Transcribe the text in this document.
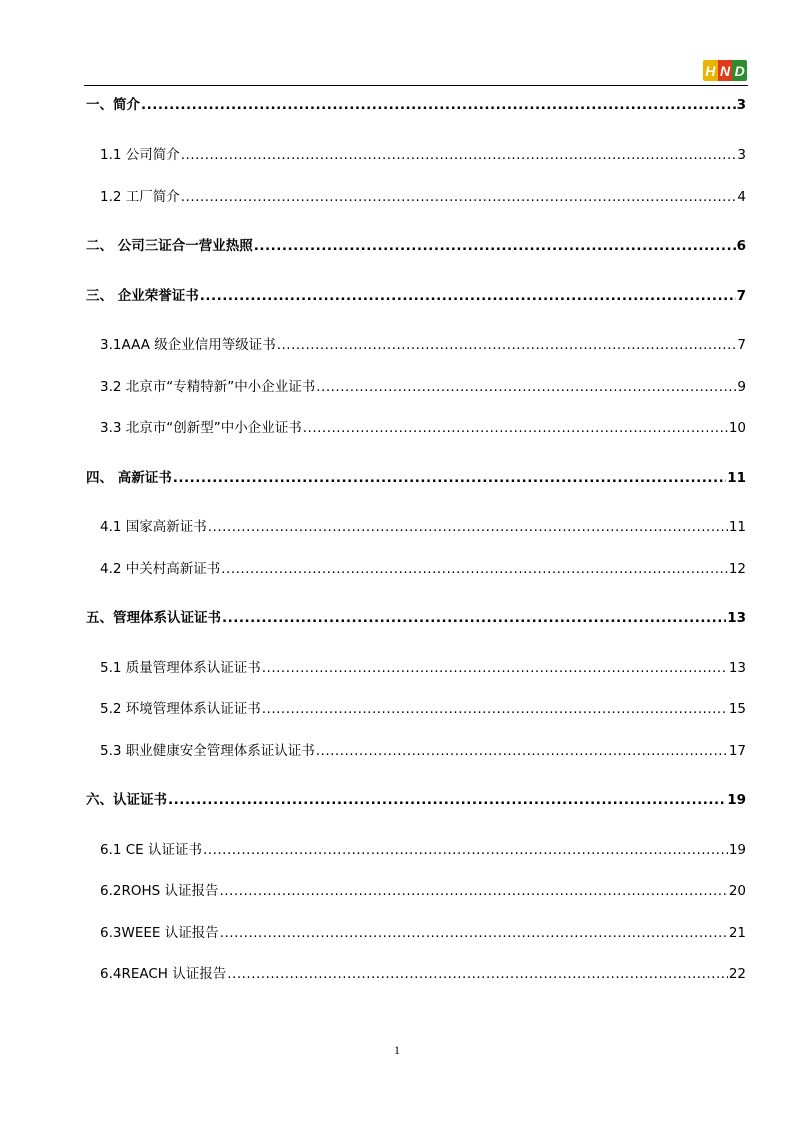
H N D
一、简介 .....	3
1.1 公司简介 .....	3
1.2 工厂简介 .....	4
二、 公司三证合一营业热照 .....	6
三、 企业荣誉证书 .....	7
3.1AAA 级企业信用等级证书 .....	7
3.2 北京市“专精特新”中小企业证书 .....	9
3.3 北京市“创新型”中小企业证书 .....	10
四、 高新证书 .....	11
4.1 国家高新证书 .....	11
4.2 中关村高新证书 .....	12
五、管理体系认证证书 .....	13
5.1 质量管理体系认证证书 .....	13
5.2 环境管理体系认证证书 .....	15
5.3 职业健康安全管理体系证认证书 .....	17
六、认证证书 .....	19
6.1 CE 认证证书 .....	19
6.2ROHS 认证报告 .....	20
6.3WEEE 认证报告 .....	21
6.4REACH 认证报告 .....	22
1
